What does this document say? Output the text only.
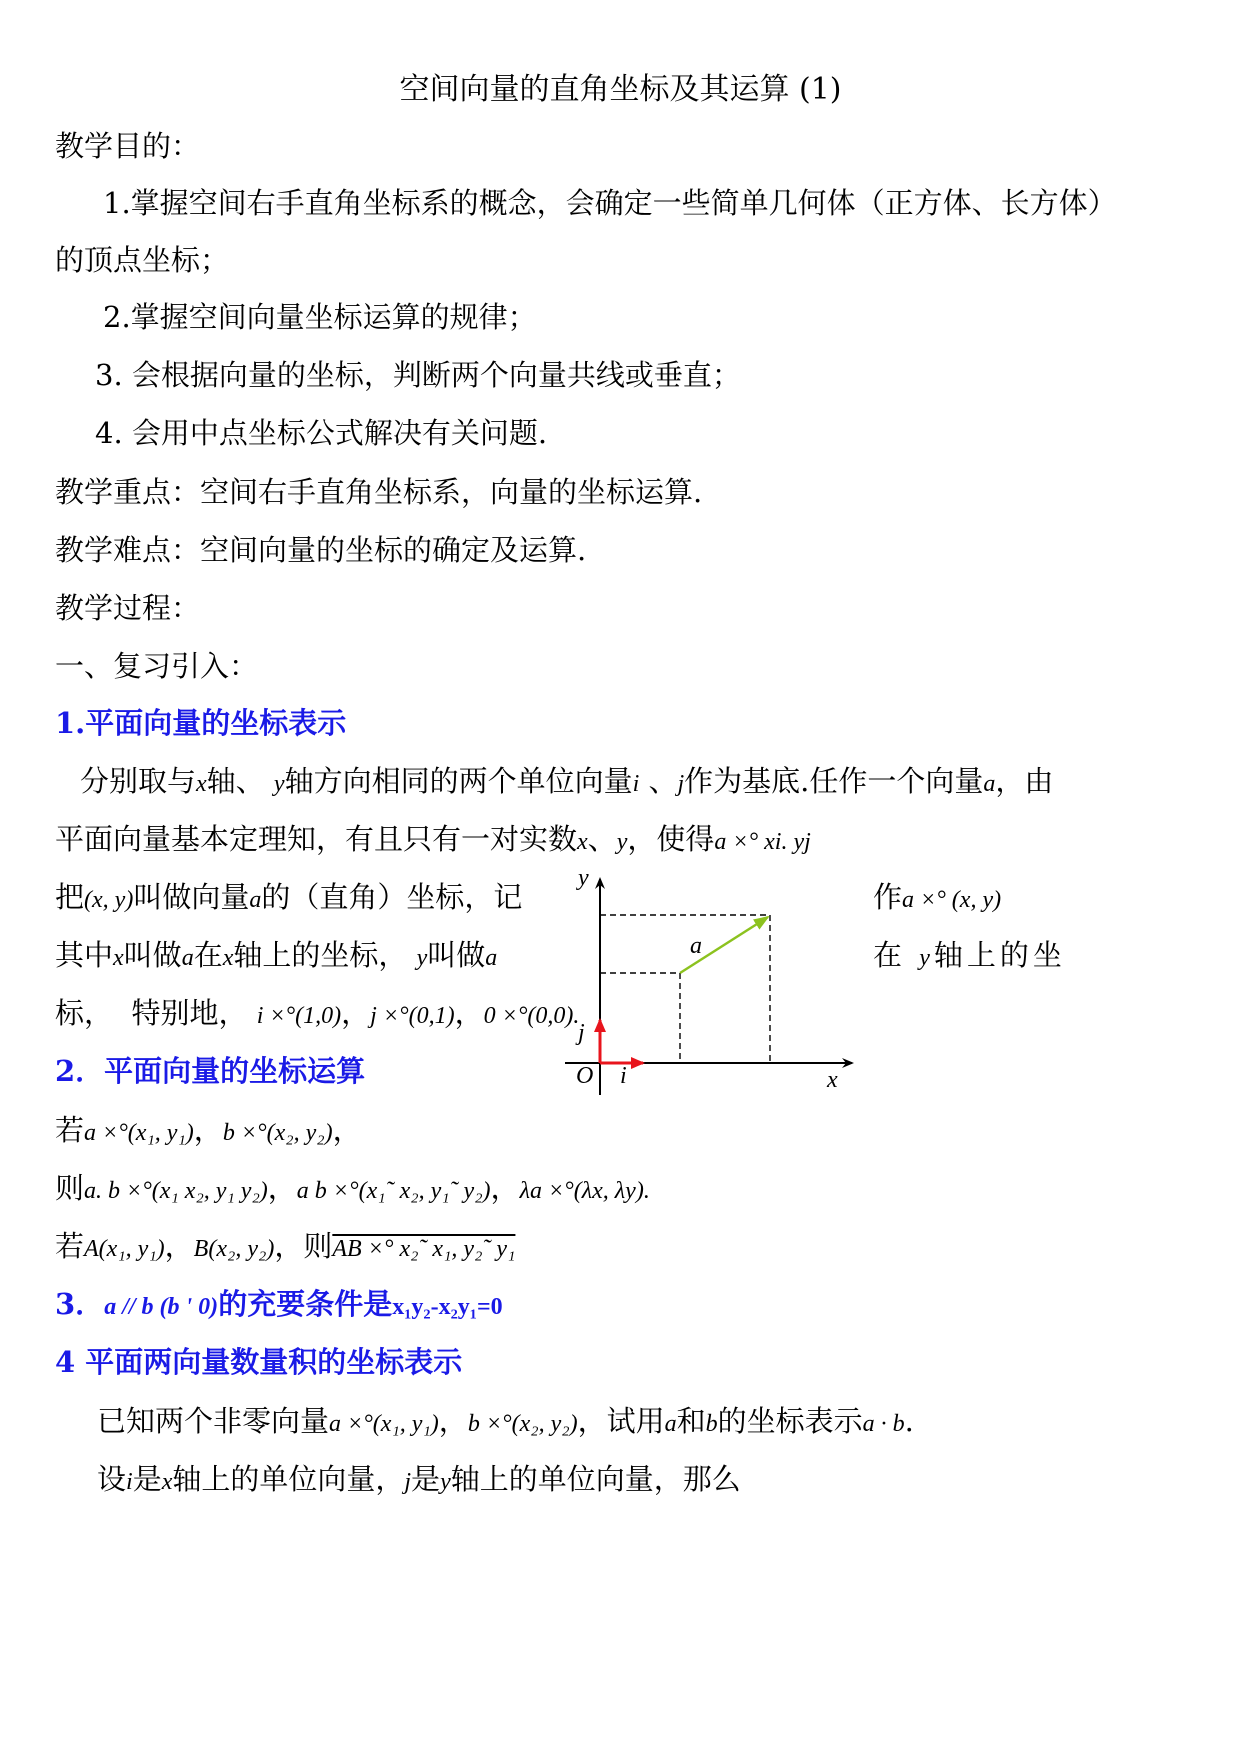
空间向量的直角坐标及其运算 (1)
教学目的：
1.掌握空间右手直角坐标系的概念，会确定一些简单几何体（正方体、长方体）
的顶点坐标；
2.掌握空间向量坐标运算的规律；
3. 会根据向量的坐标，判断两个向量共线或垂直；
4. 会用中点坐标公式解决有关问题.
教学重点：空间右手直角坐标系，向量的坐标运算.
教学难点：空间向量的坐标的确定及运算.
教学过程：
一、复习引入：
1.平面向量的坐标表示
分别取与x轴、 y轴方向相同的两个单位向量i 、j作为基底.任作一个向量a，由
平面向量基本定理知，有且只有一对实数x、y，使得a ×° xi. yj
把(x, y)叫做向量a的（直角）坐标，记	作a ×° (x, y)
其中x叫做a在x轴上的坐标， y叫做a	在 y轴上的坐
标， 特别地， i ×°(1,0)，j ×°(0,1)，0 ×°(0,0).
2．平面向量的坐标运算
若a ×°(x₁, y₁)，b ×°(x₂, y₂)，
则a. b ×°(x₁ x₂, y₁ y₂)，a b ×°(x₁˜ x₂, y₁˜ y₂)，λa ×°(λx, λy).
若A(x₁, y₁)，B(x₂, y₂)，则AB ×° x₂˜ x₁, y₂˜ y₁
3．a // b (b ʹ 0)的充要条件是x₁y₂-x₂y₁=0
4 平面两向量数量积的坐标表示
已知两个非零向量a ×°(x₁, y₁)，b ×°(x₂, y₂)，试用a和b的坐标表示a · b.
设i是x轴上的单位向量，j是y轴上的单位向量，那么
y
x
O
a
i
j
